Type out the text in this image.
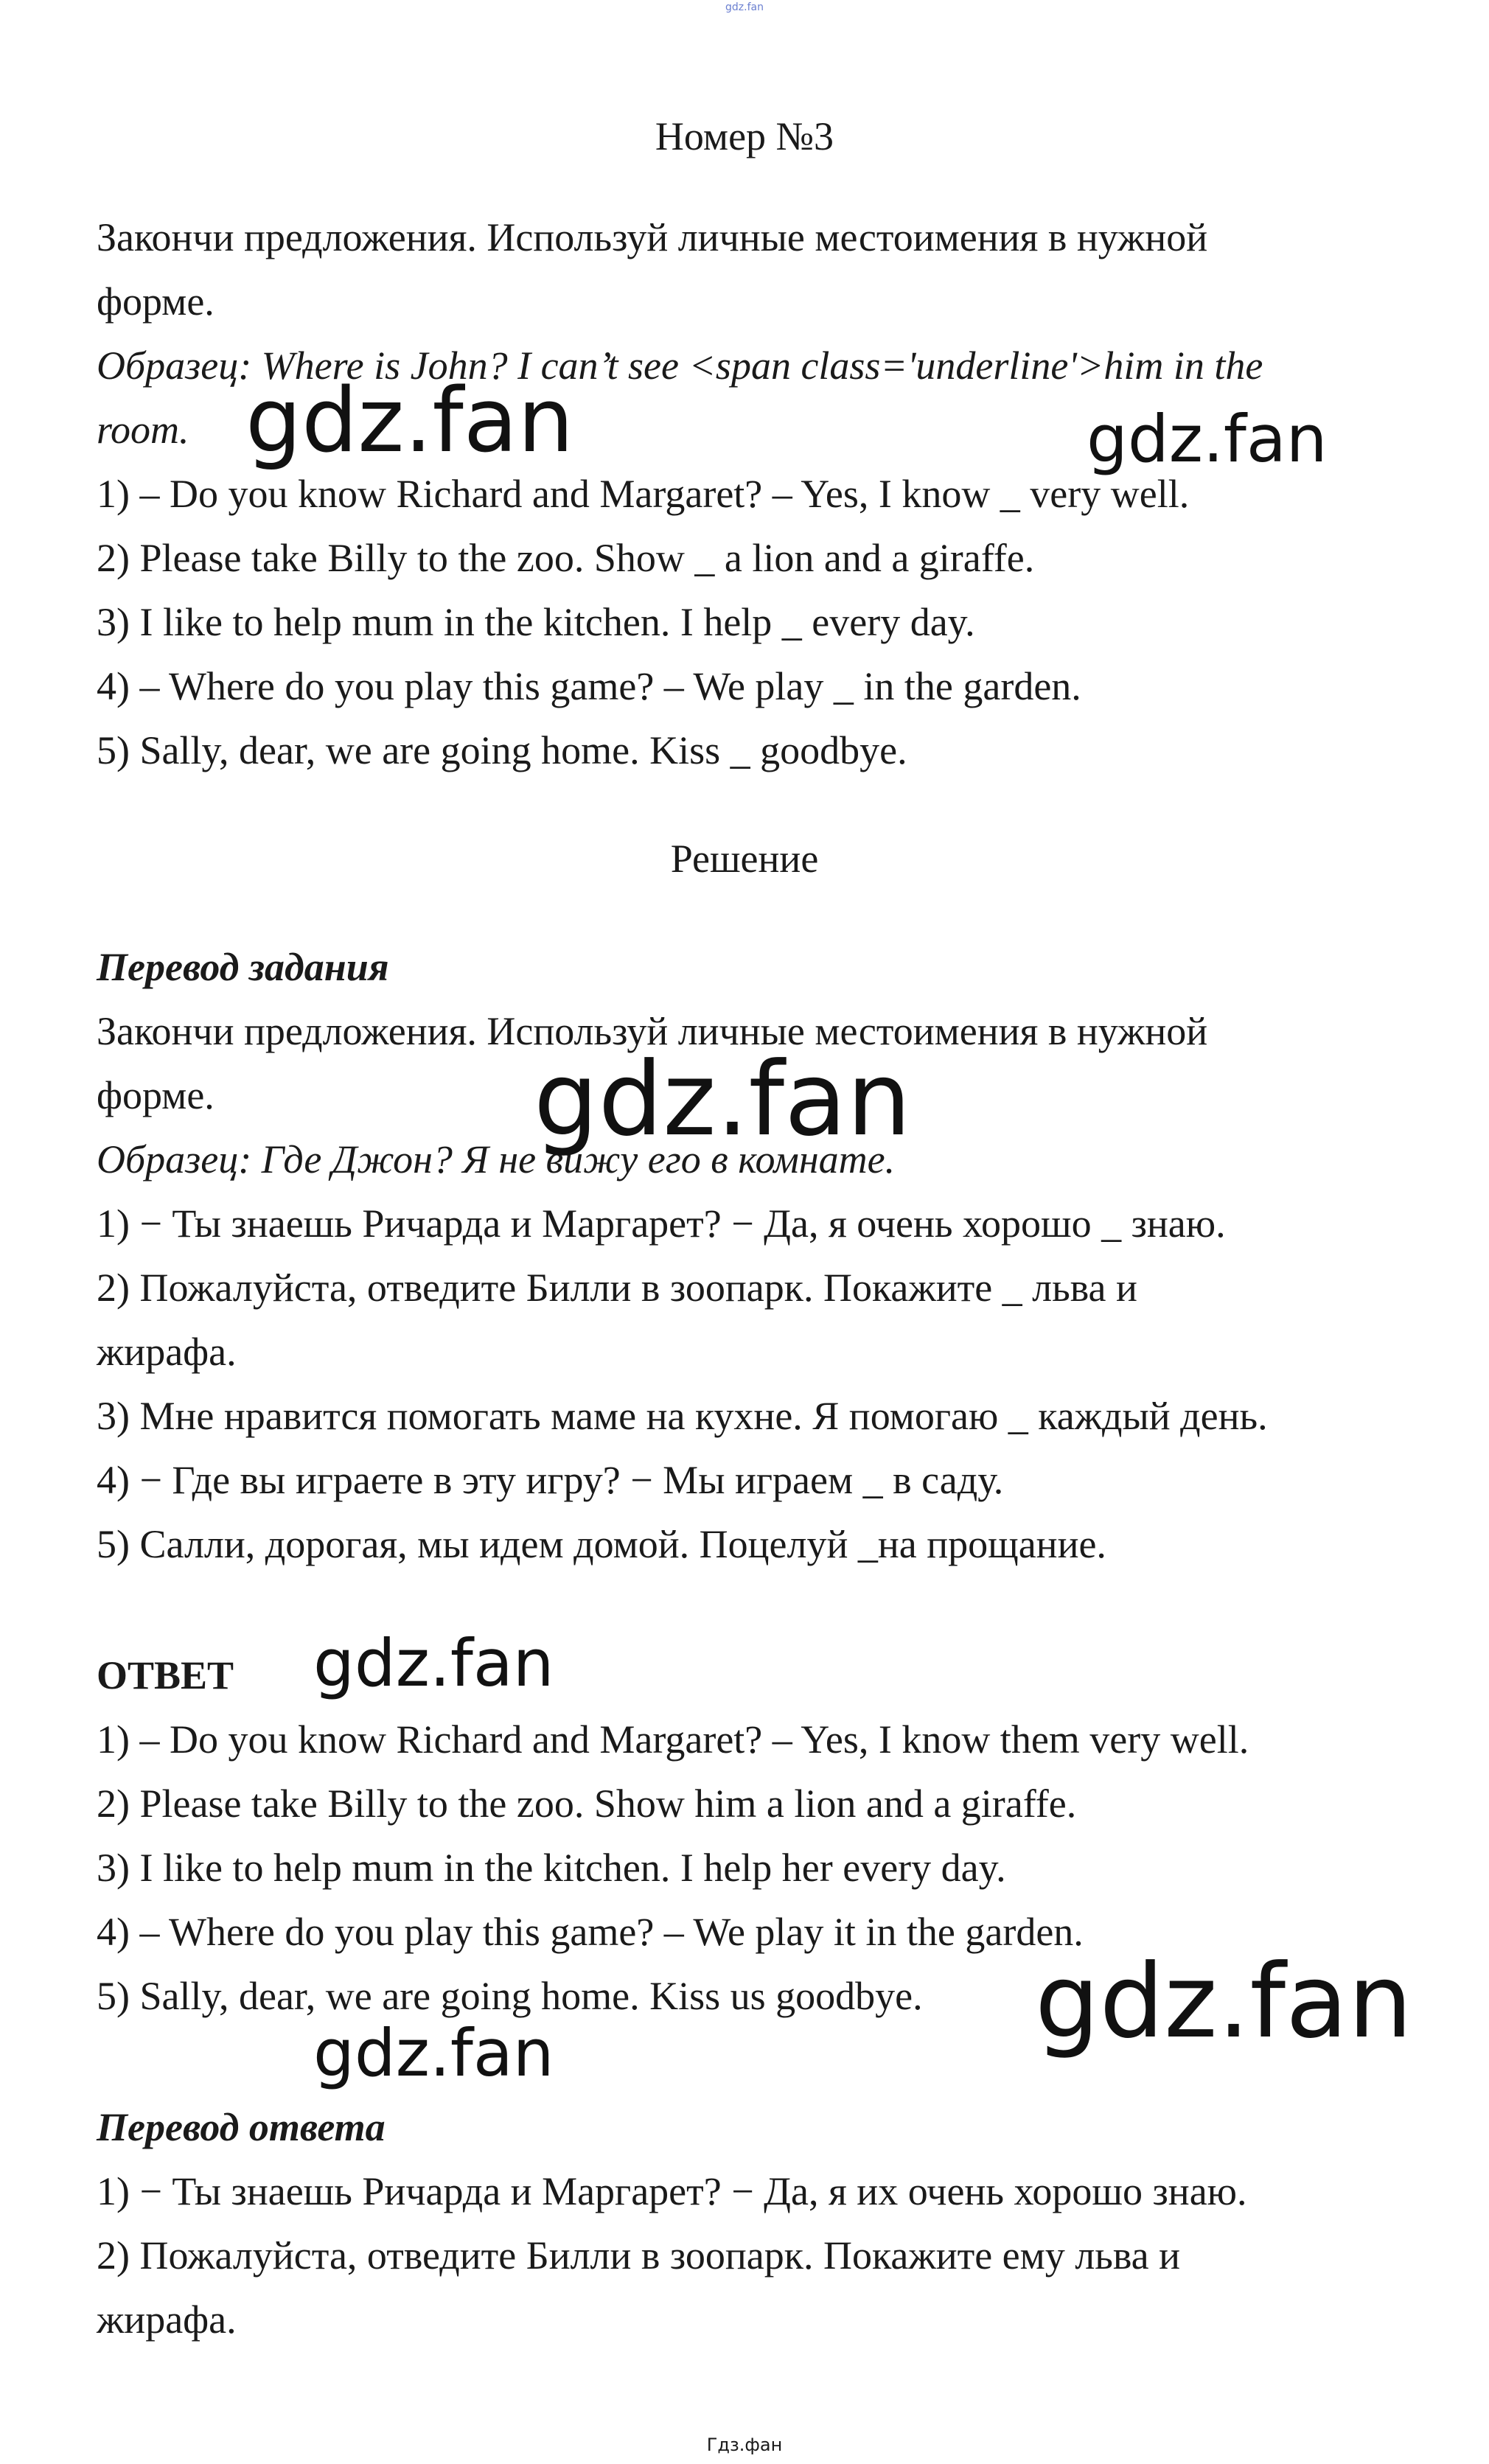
gdz.fan
Номер №3
Закончи предложения. Используй личные местоимения в нужной
форме.
Образец: Where is John? I can’t see <span class='underline'>him in the
room.
1) – Do you know Richard and Margaret? – Yes, I know _ very well.
2) Please take Billy to the zoo. Show _ a lion and a giraffe.
3) I like to help mum in the kitchen. I help _ every day.
4) – Where do you play this game? – We play _ in the garden.
5) Sally, dear, we are going home. Kiss _ goodbye.
Решение
Перевод задания
Закончи предложения. Используй личные местоимения в нужной
форме.
Образец: Где Джон? Я не вижу его в комнате.
1) − Ты знаешь Ричарда и Маргарет? − Да, я очень хорошо _ знаю.
2) Пожалуйста, отведите Билли в зоопарк. Покажите _ льва и
жирафа.
3) Мне нравится помогать маме на кухне. Я помогаю _ каждый день.
4) − Где вы играете в эту игру? − Мы играем _ в саду.
5) Салли, дорогая, мы идем домой. Поцелуй _на прощание.
ОТВЕТ
1) – Do you know Richard and Margaret? – Yes, I know them very well.
2) Please take Billy to the zoo. Show him a lion and a giraffe.
3) I like to help mum in the kitchen. I help her every day.
4) – Where do you play this game? – We play it in the garden.
5) Sally, dear, we are going home. Kiss us goodbye.
Перевод ответа
1) − Ты знаешь Ричарда и Маргарет? − Да, я их очень хорошо знаю.
2) Пожалуйста, отведите Билли в зоопарк. Покажите ему льва и
жирафа.
gdz.fan	gdz.fan
gdz.fan
gdz.fan
gdz.fan
gdz.fan
Гдз.фан
